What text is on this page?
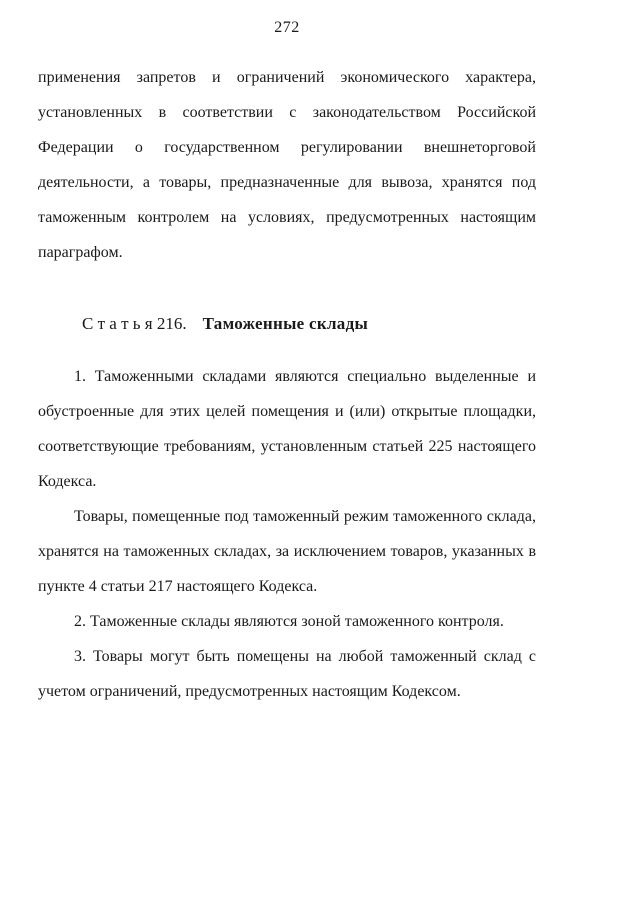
272
применения запретов и ограничений экономического характера,
установленных в соответствии с законодательством Российской
Федерации о государственном регулировании внешнеторговой
деятельности, а товары, предназначенные для вывоза, хранятся под
таможенным контролем на условиях, предусмотренных настоящим
параграфом.
С т а т ь я 216. Таможенные склады
1. Таможенными складами являются специально выделенные и
обустроенные для этих целей помещения и (или) открытые площадки,
соответствующие требованиям, установленным статьей 225 настоящего
Кодекса.
Товары, помещенные под таможенный режим таможенного склада,
хранятся на таможенных складах, за исключением товаров, указанных в
пункте 4 статьи 217 настоящего Кодекса.
2. Таможенные склады являются зоной таможенного контроля.
3. Товары могут быть помещены на любой таможенный склад с
учетом ограничений, предусмотренных настоящим Кодексом.
